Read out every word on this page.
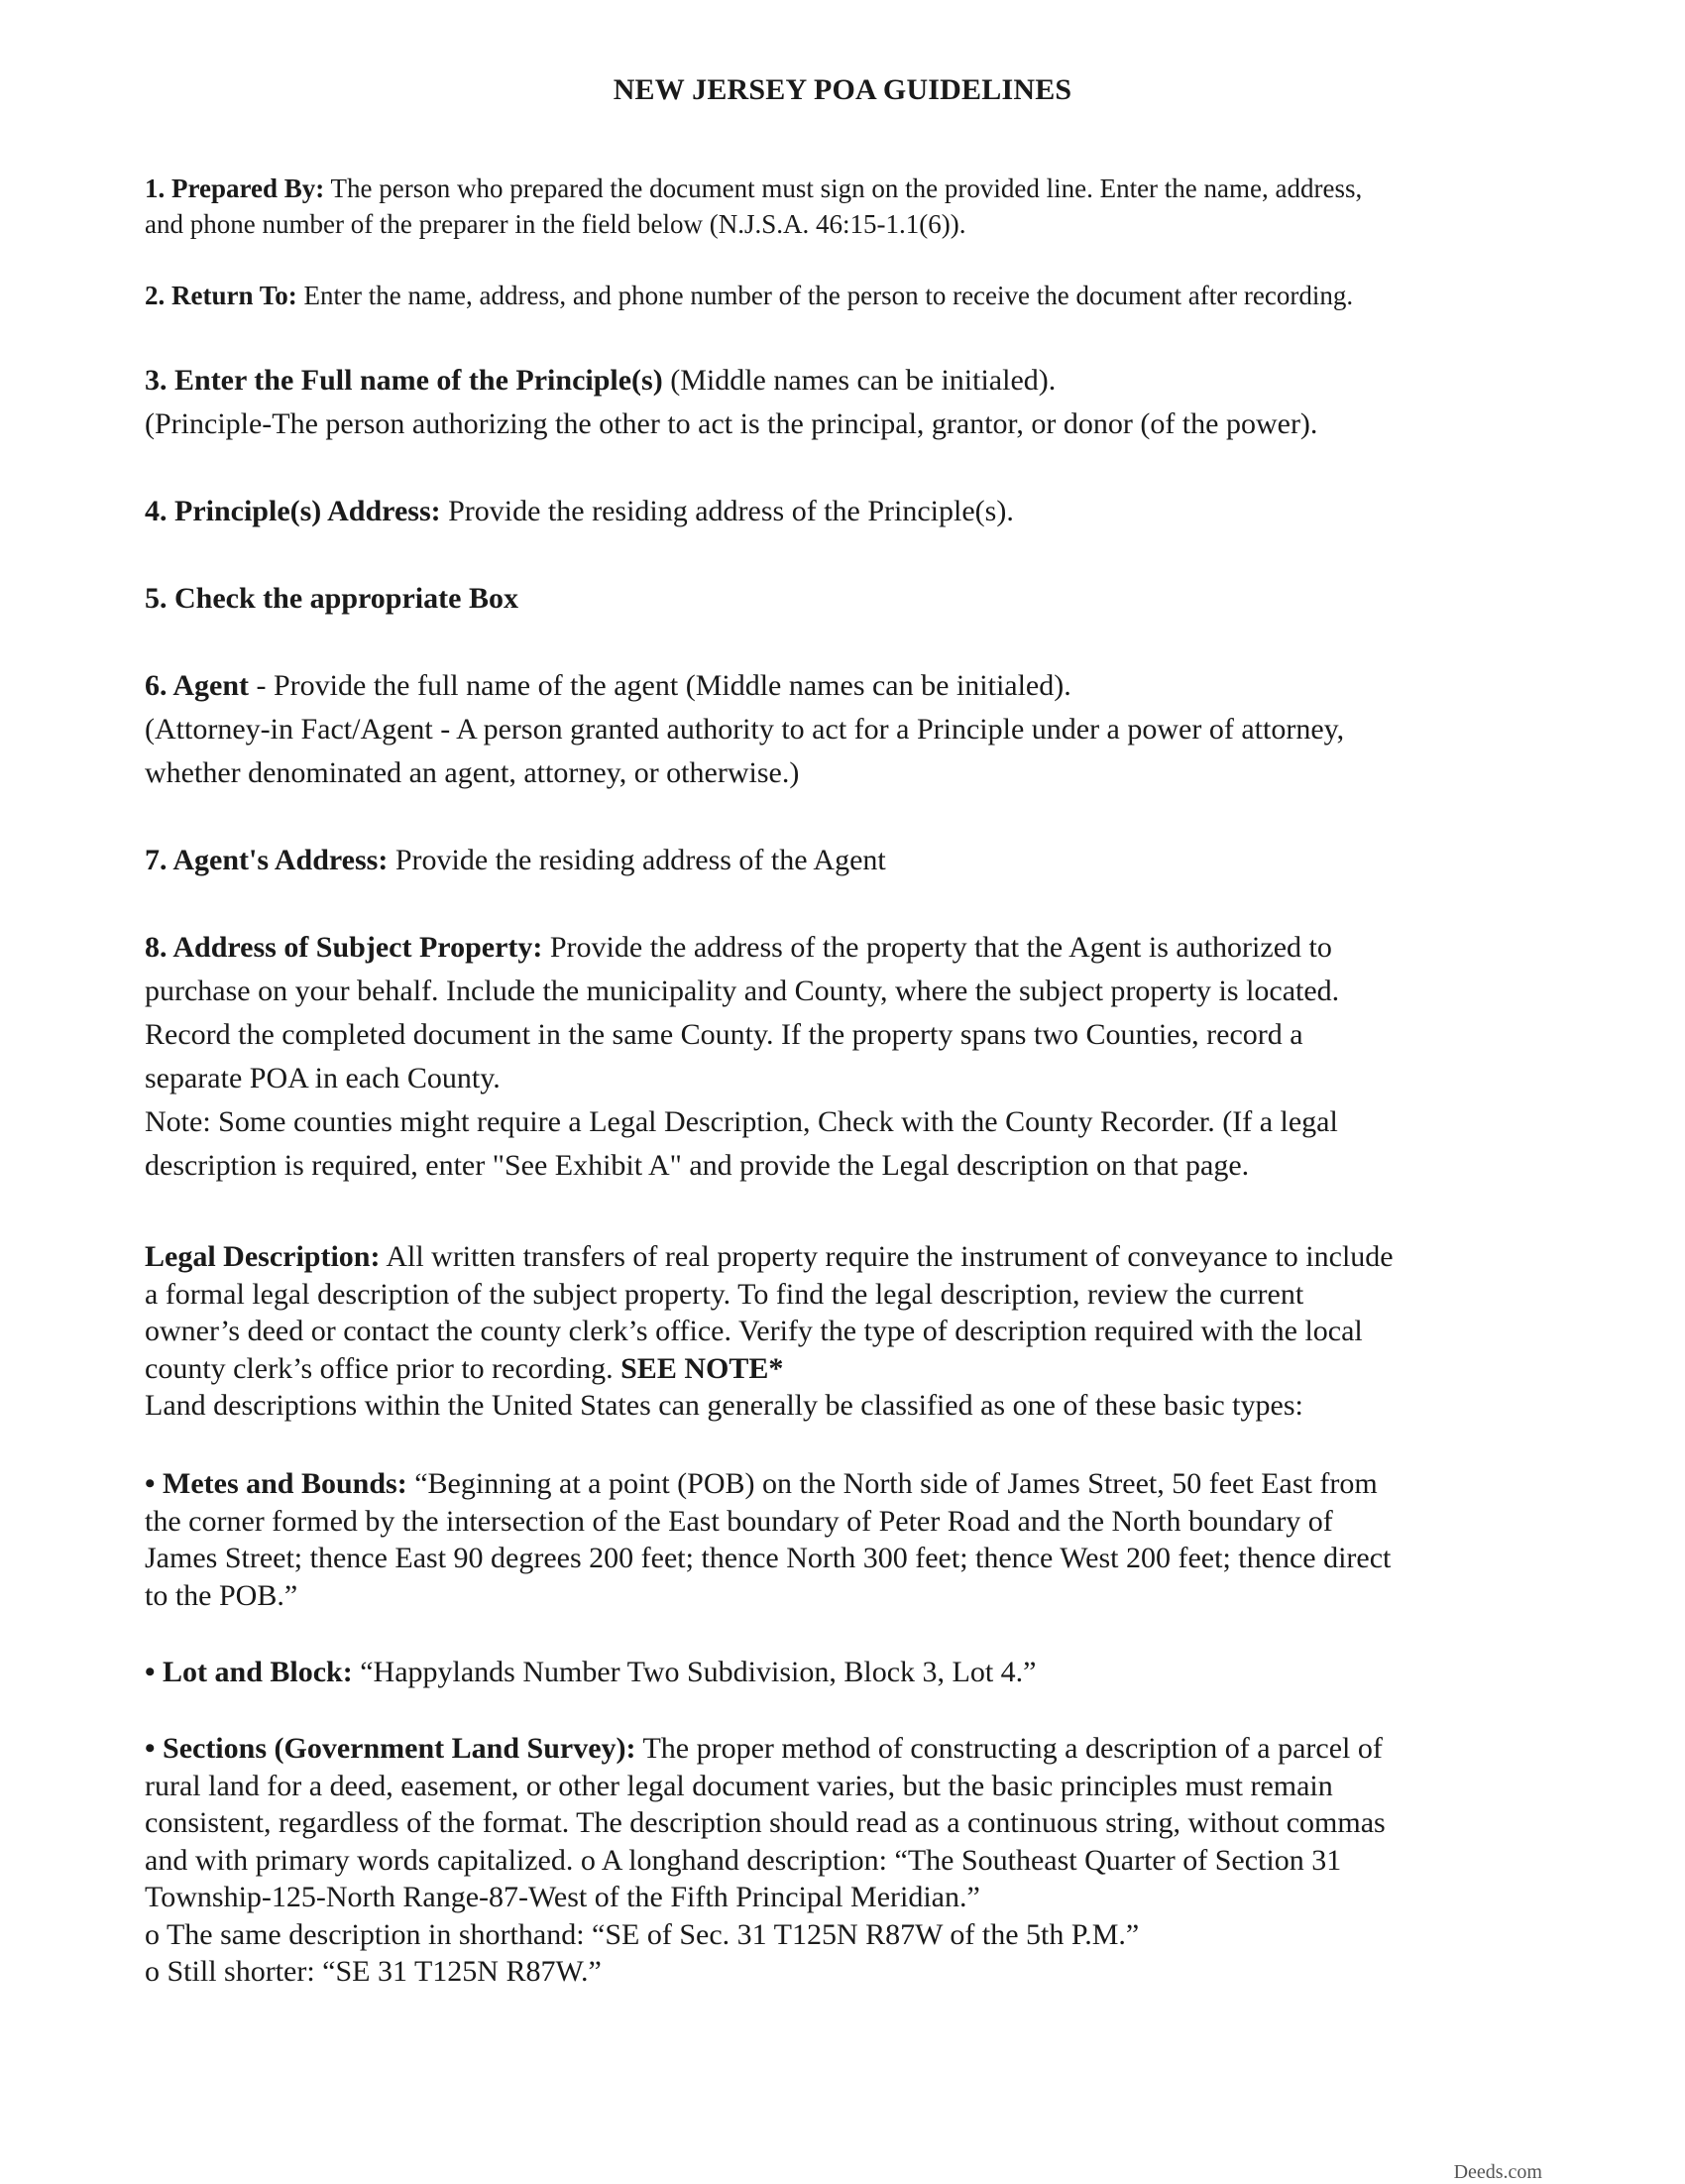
NEW JERSEY POA GUIDELINES
1. Prepared By: The person who prepared the document must sign on the provided line. Enter the name, address,
and phone number of the preparer in the field below (N.J.S.A. 46:15-1.1(6)).
2. Return To: Enter the name, address, and phone number of the person to receive the document after recording.
3. Enter the Full name of the Principle(s) (Middle names can be initialed).
(Principle-The person authorizing the other to act is the principal, grantor, or donor (of the power).
4. Principle(s) Address: Provide the residing address of the Principle(s).
5. Check the appropriate Box
6. Agent - Provide the full name of the agent (Middle names can be initialed).
(Attorney-in Fact/Agent - A person granted authority to act for a Principle under a power of attorney,
whether denominated an agent, attorney, or otherwise.)
7. Agent's Address: Provide the residing address of the Agent
8. Address of Subject Property: Provide the address of the property that the Agent is authorized to
purchase on your behalf. Include the municipality and County, where the subject property is located.
Record the completed document in the same County. If the property spans two Counties, record a
separate POA in each County.
Note: Some counties might require a Legal Description, Check with the County Recorder. (If a legal
description is required, enter "See Exhibit A" and provide the Legal description on that page.
Legal Description: All written transfers of real property require the instrument of conveyance to include
a formal legal description of the subject property. To find the legal description, review the current
owner’s deed or contact the county clerk’s office. Verify the type of description required with the local
county clerk’s office prior to recording. SEE NOTE*
Land descriptions within the United States can generally be classified as one of these basic types:
• Metes and Bounds: “Beginning at a point (POB) on the North side of James Street, 50 feet East from
the corner formed by the intersection of the East boundary of Peter Road and the North boundary of
James Street; thence East 90 degrees 200 feet; thence North 300 feet; thence West 200 feet; thence direct
to the POB.”
• Lot and Block: “Happylands Number Two Subdivision, Block 3, Lot 4.”
• Sections (Government Land Survey): The proper method of constructing a description of a parcel of
rural land for a deed, easement, or other legal document varies, but the basic principles must remain
consistent, regardless of the format. The description should read as a continuous string, without commas
and with primary words capitalized. o A longhand description: “The Southeast Quarter of Section 31
Township-125-North Range-87-West of the Fifth Principal Meridian.”
o The same description in shorthand: “SE of Sec. 31 T125N R87W of the 5th P.M.”
o Still shorter: “SE 31 T125N R87W.”
Deeds.com
